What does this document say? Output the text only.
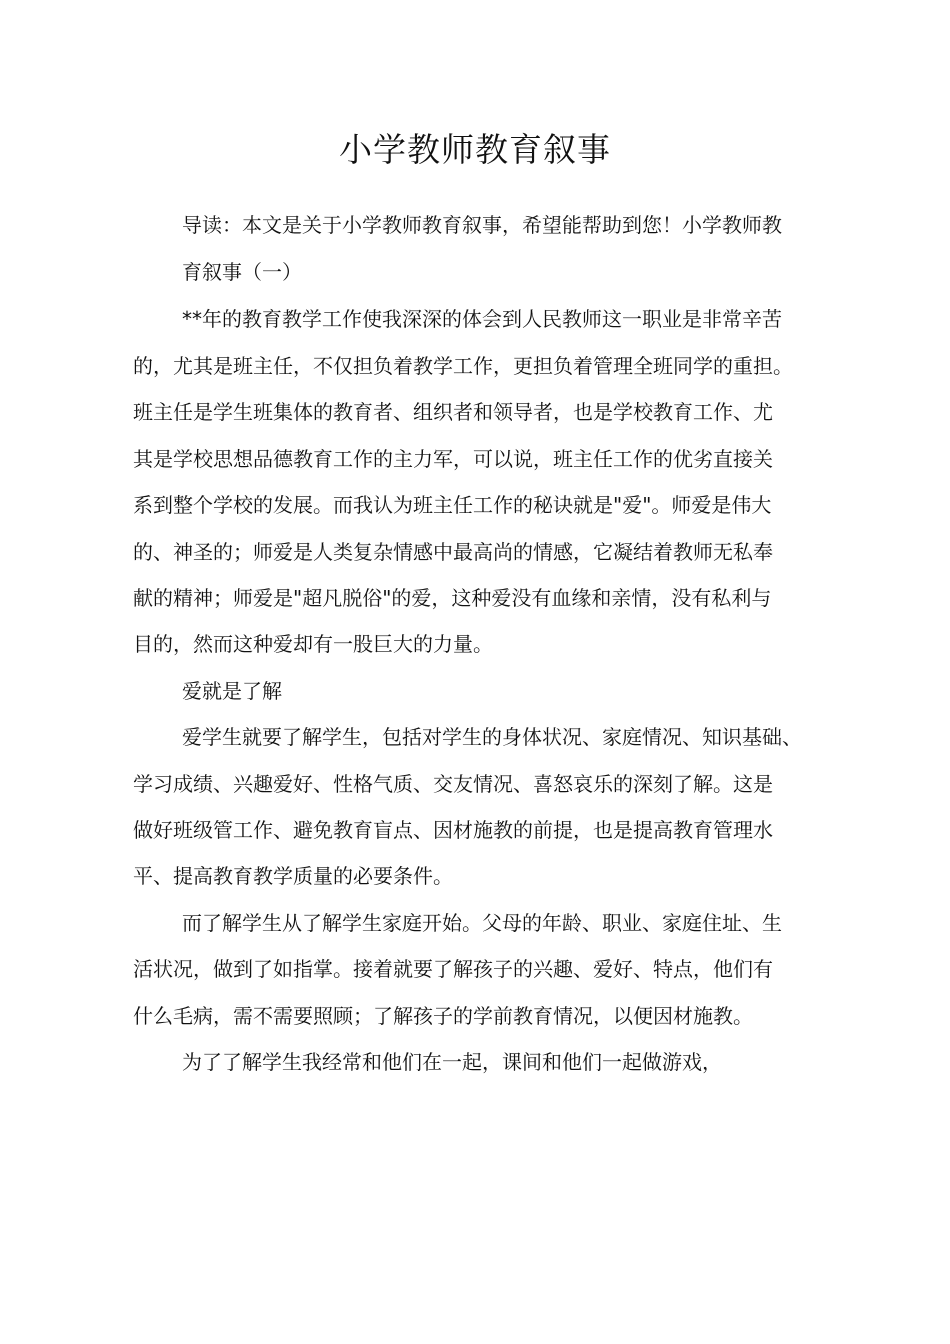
小学教师教育叙事

导读：本文是关于小学教师教育叙事，希望能帮助到您！小学教师教

育叙事（一）

**年的教育教学工作使我深深的体会到人民教师这一职业是非常辛苦

的，尤其是班主任，不仅担负着教学工作，更担负着管理全班同学的重担。

班主任是学生班集体的教育者、组织者和领导者，也是学校教育工作、尤

其是学校思想品德教育工作的主力军，可以说，班主任工作的优劣直接关

系到整个学校的发展。而我认为班主任工作的秘诀就是"爱"。师爱是伟大

的、神圣的；师爱是人类复杂情感中最高尚的情感，它凝结着教师无私奉

献的精神；师爱是"超凡脱俗"的爱，这种爱没有血缘和亲情，没有私利与

目的，然而这种爱却有一股巨大的力量。

爱就是了解

爱学生就要了解学生，包括对学生的身体状况、家庭情况、知识基础、

学习成绩、兴趣爱好、性格气质、交友情况、喜怒哀乐的深刻了解。这是

做好班级管工作、避免教育盲点、因材施教的前提，也是提高教育管理水

平、提高教育教学质量的必要条件。

而了解学生从了解学生家庭开始。父母的年龄、职业、家庭住址、生

活状况，做到了如指掌。接着就要了解孩子的兴趣、爱好、特点，他们有

什么毛病，需不需要照顾；了解孩子的学前教育情况，以便因材施教。

为了了解学生我经常和他们在一起，课间和他们一起做游戏，
